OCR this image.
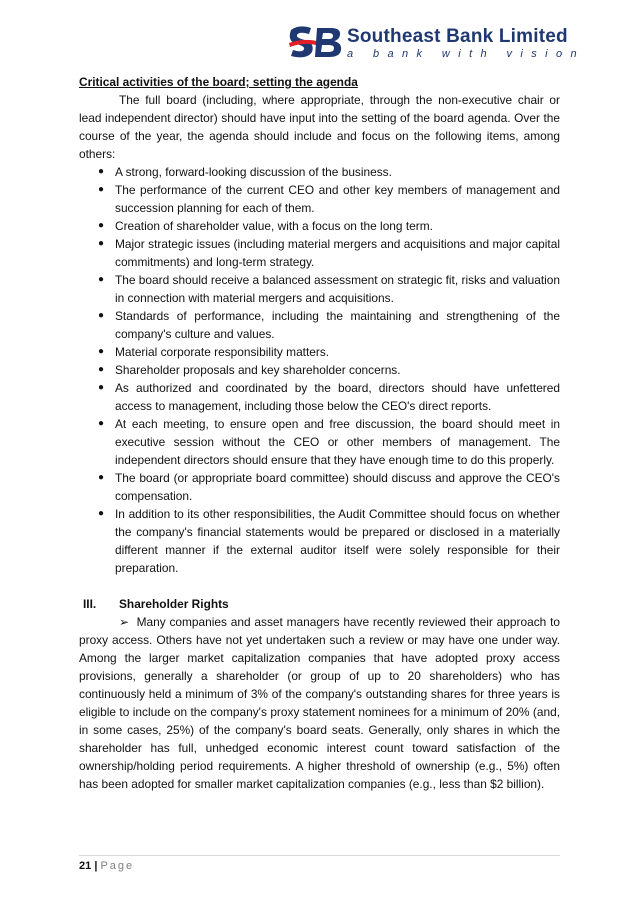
Southeast Bank Limited
a bank with vision

Critical activities of the board; setting the agenda

The full board (including, where appropriate, through the non-executive chair or lead independent director) should have input into the setting of the board agenda. Over the course of the year, the agenda should include and focus on the following items, among others:

● A strong, forward-looking discussion of the business.
● The performance of the current CEO and other key members of management and succession planning for each of them.
● Creation of shareholder value, with a focus on the long term.
● Major strategic issues (including material mergers and acquisitions and major capital commitments) and long-term strategy.
● The board should receive a balanced assessment on strategic fit, risks and valuation in connection with material mergers and acquisitions.
● Standards of performance, including the maintaining and strengthening of the company's culture and values.
● Material corporate responsibility matters.
● Shareholder proposals and key shareholder concerns.
● As authorized and coordinated by the board, directors should have unfettered access to management, including those below the CEO's direct reports.
● At each meeting, to ensure open and free discussion, the board should meet in executive session without the CEO or other members of management. The independent directors should ensure that they have enough time to do this properly.
● The board (or appropriate board committee) should discuss and approve the CEO's compensation.
● In addition to its other responsibilities, the Audit Committee should focus on whether the company's financial statements would be prepared or disclosed in a materially different manner if the external auditor itself were solely responsible for their preparation.
III. Shareholder Rights

➢  Many companies and asset managers have recently reviewed their approach to proxy access. Others have not yet undertaken such a review or may have one under way. Among the larger market capitalization companies that have adopted proxy access provisions, generally a shareholder (or group of up to 20 shareholders) who has continuously held a minimum of 3% of the company's outstanding shares for three years is eligible to include on the company's proxy statement nominees for a minimum of 20% (and, in some cases, 25%) of the company's board seats. Generally, only shares in which the shareholder has full, unhedged economic interest count toward satisfaction of the ownership/holding period requirements. A higher threshold of ownership (e.g., 5%) often has been adopted for smaller market capitalization companies (e.g., less than $2 billion).

21 | Page
